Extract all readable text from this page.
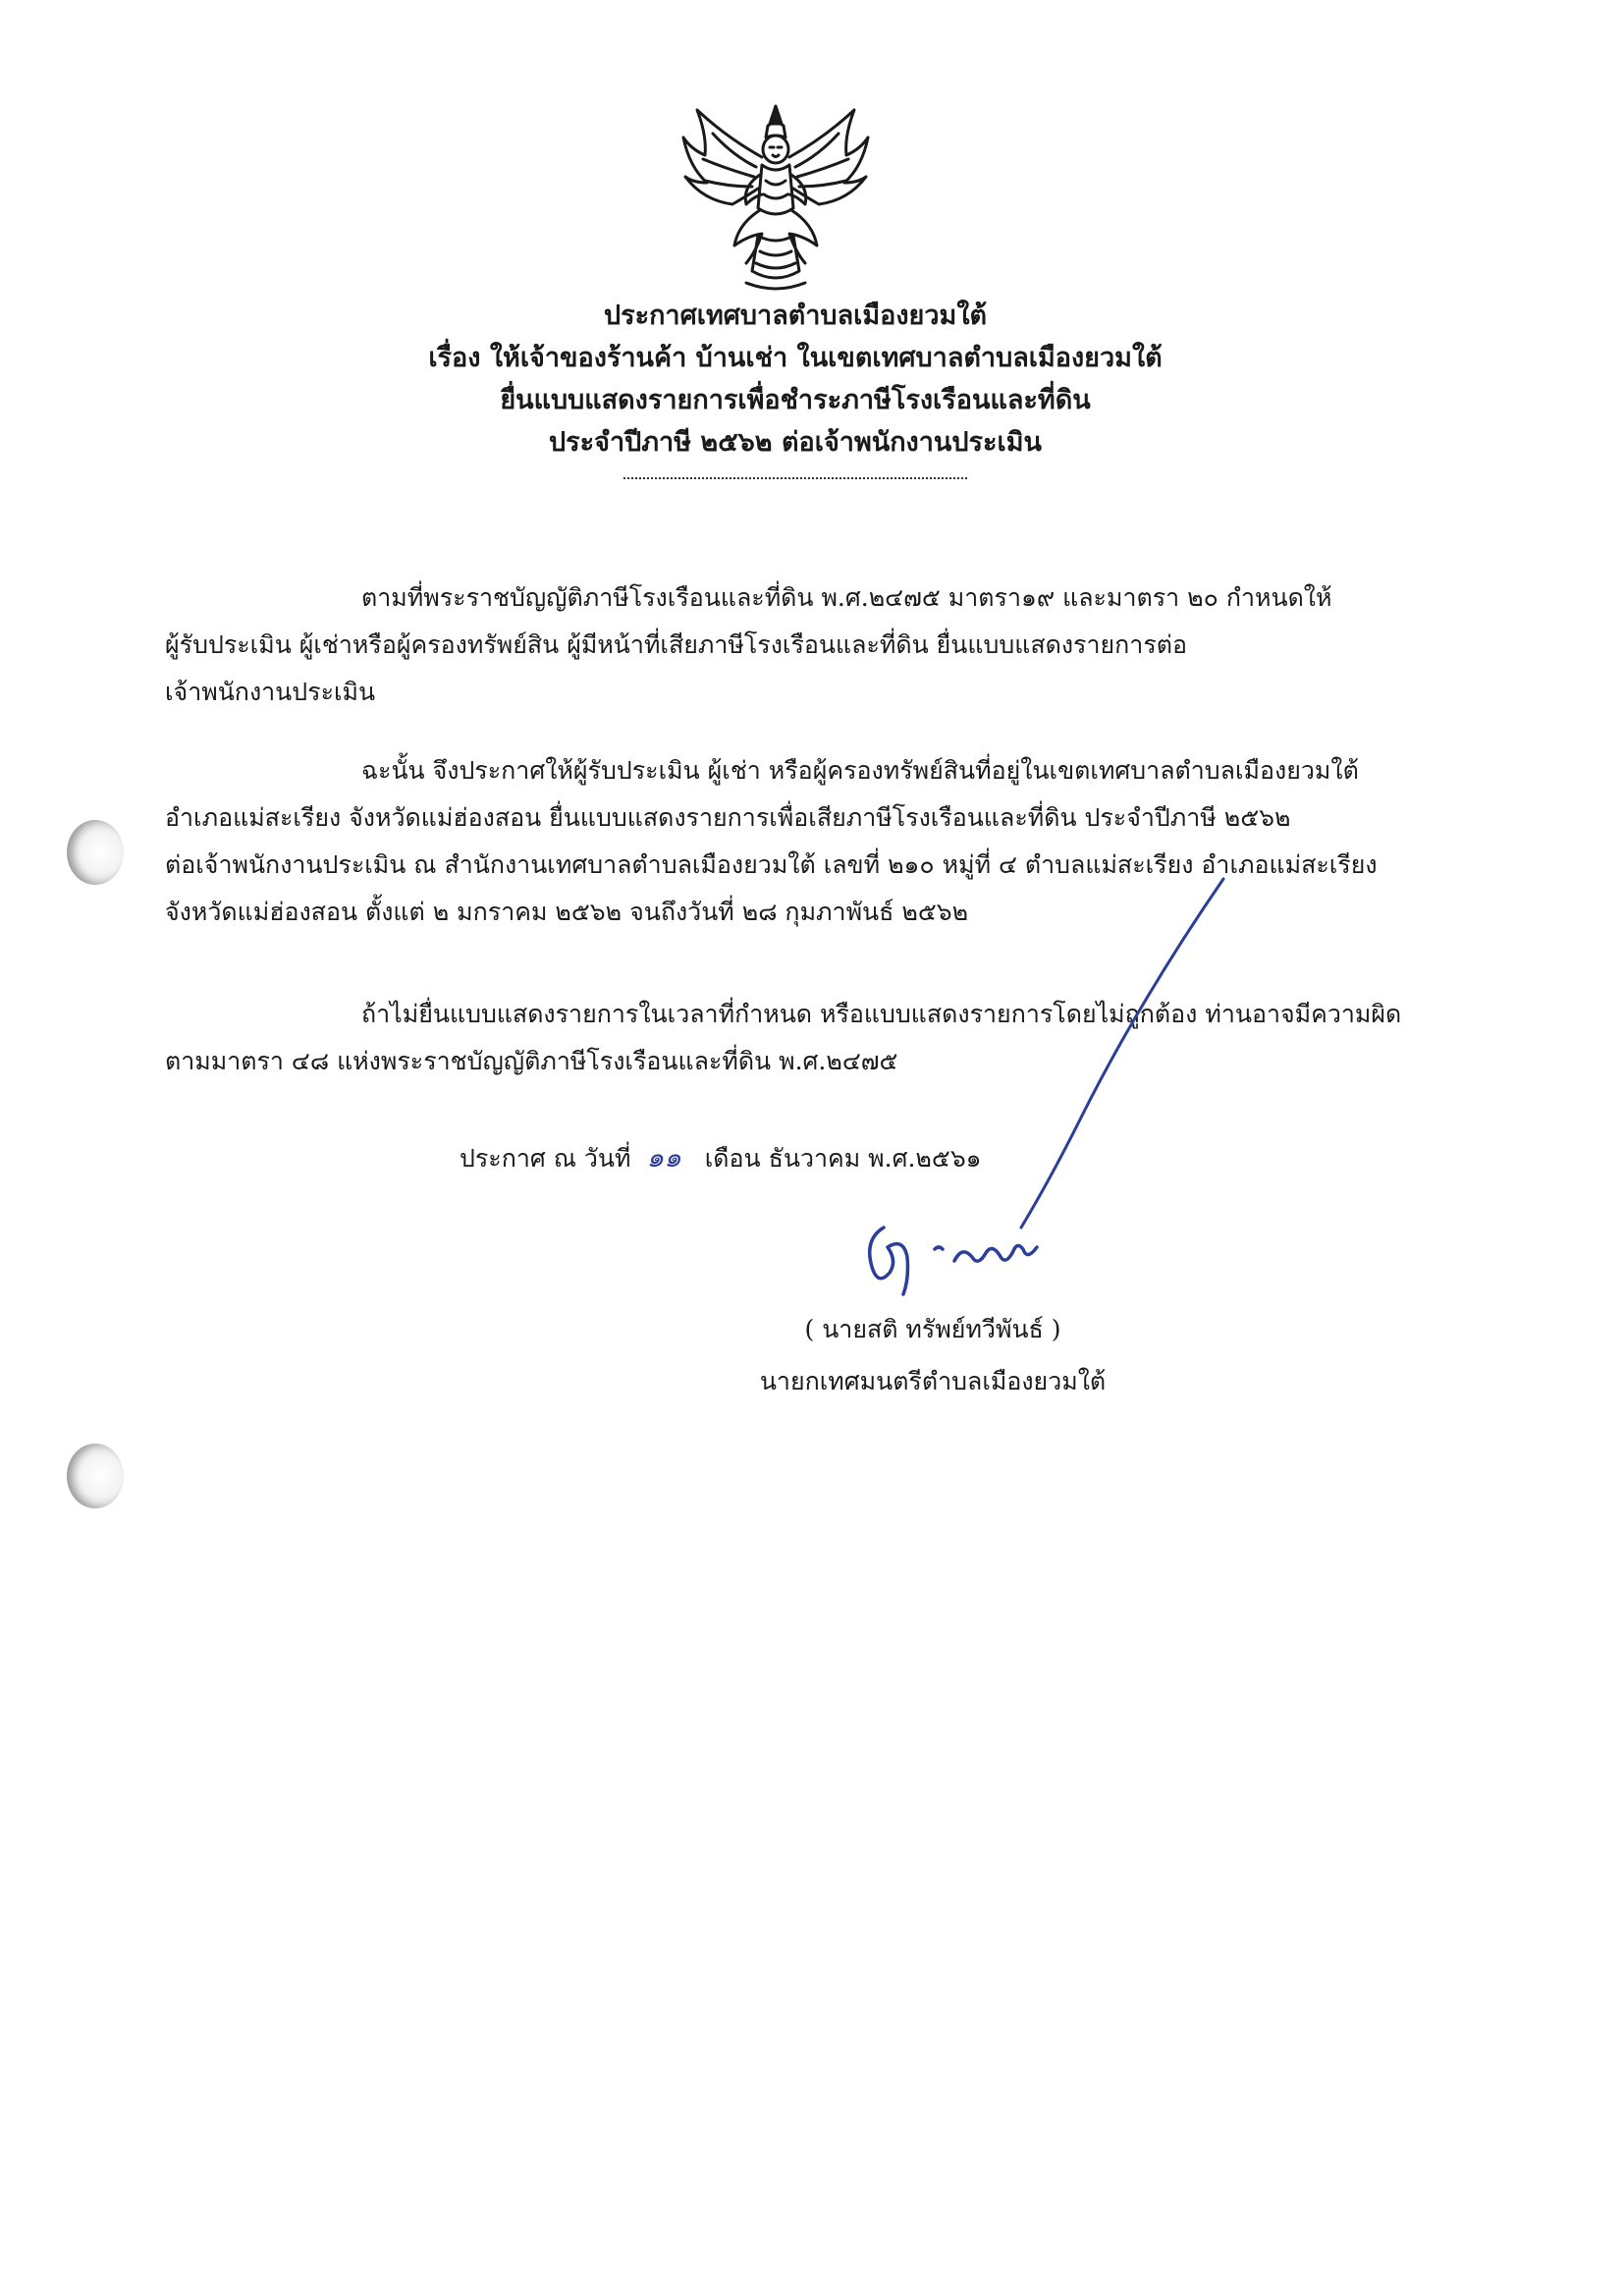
ประกาศเทศบาลตำบลเมืองยวมใต้
เรื่อง ให้เจ้าของร้านค้า บ้านเช่า ในเขตเทศบาลตำบลเมืองยวมใต้
ยื่นแบบแสดงรายการเพื่อชำระภาษีโรงเรือนและที่ดิน
ประจำปีภาษี ๒๕๖๒ ต่อเจ้าพนักงานประเมิน
ตามที่พระราชบัญญัติภาษีโรงเรือนและที่ดิน พ.ศ.๒๔๗๕ มาตรา๑๙ และมาตรา ๒๐ กำหนดให้
ผู้รับประเมิน ผู้เช่าหรือผู้ครองทรัพย์สิน ผู้มีหน้าที่เสียภาษีโรงเรือนและที่ดิน ยื่นแบบแสดงรายการต่อ
เจ้าพนักงานประเมิน
ฉะนั้น จึงประกาศให้ผู้รับประเมิน ผู้เช่า หรือผู้ครองทรัพย์สินที่อยู่ในเขตเทศบาลตำบลเมืองยวมใต้
อำเภอแม่สะเรียง จังหวัดแม่ฮ่องสอน ยื่นแบบแสดงรายการเพื่อเสียภาษีโรงเรือนและที่ดิน ประจำปีภาษี ๒๕๖๒
ต่อเจ้าพนักงานประเมิน ณ สำนักงานเทศบาลตำบลเมืองยวมใต้ เลขที่ ๒๑๐ หมู่ที่ ๔ ตำบลแม่สะเรียง อำเภอแม่สะเรียง
จังหวัดแม่ฮ่องสอน ตั้งแต่ ๒ มกราคม ๒๕๖๒ จนถึงวันที่ ๒๘ กุมภาพันธ์ ๒๕๖๒
ถ้าไม่ยื่นแบบแสดงรายการในเวลาที่กำหนด หรือแบบแสดงรายการโดยไม่ถูกต้อง ท่านอาจมีความผิด
ตามมาตรา ๔๘ แห่งพระราชบัญญัติภาษีโรงเรือนและที่ดิน พ.ศ.๒๔๗๕
ประกาศ ณ วันที่ ๑๑ เดือน ธันวาคม พ.ศ.๒๕๖๑
( นายสติ ทรัพย์ทวีพันธ์ )
นายกเทศมนตรีตำบลเมืองยวมใต้
